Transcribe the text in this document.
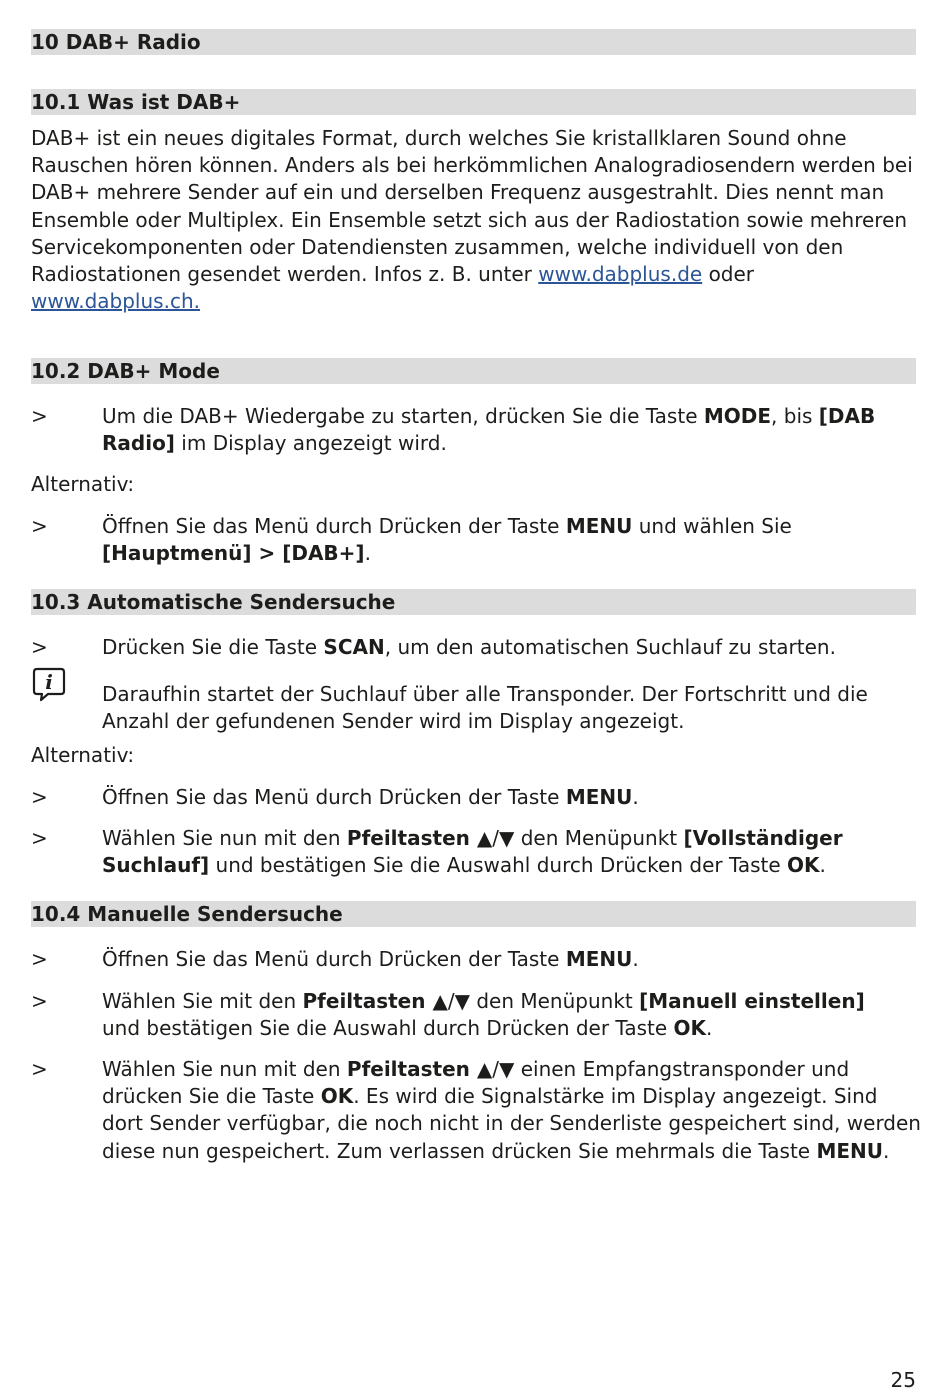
10 DAB+ Radio
10.1 Was ist DAB+

DAB+ ist ein neues digitales Format, durch welches Sie kristallklaren Sound ohne Rauschen hören können. Anders als bei herkömmlichen Analogradiosendern werden bei DAB+ mehrere Sender auf ein und derselben Frequenz ausgestrahlt. Dies nennt man Ensemble oder Multiplex. Ein Ensemble setzt sich aus der Radiostation sowie mehreren Servicekomponenten oder Datendiensten zusammen, welche individuell von den Radiostationen gesendet werden. Infos z. B. unter www.dabplus.de oder
www.dabplus.ch.

10.2 DAB+ Mode
>	Um die DAB+ Wiedergabe zu starten, drücken Sie die Taste MODE, bis [DAB Radio] im Display angezeigt wird.
Alternativ:
>	Öffnen Sie das Menü durch Drücken der Taste MENU und wählen Sie
[Hauptmenü] > [DAB+].
10.3 Automatische Sendersuche
>	Drücken Sie die Taste SCAN, um den automatischen Suchlauf zu starten.
i Daraufhin startet der Suchlauf über alle Transponder. Der Fortschritt und die Anzahl der gefundenen Sender wird im Display angezeigt.
Alternativ:
>	Öffnen Sie das Menü durch Drücken der Taste MENU.
>	Wählen Sie nun mit den Pfeiltasten ▲/▼ den Menüpunkt [Vollständiger Suchlauf] und bestätigen Sie die Auswahl durch Drücken der Taste OK.
10.4 Manuelle Sendersuche
>	Öffnen Sie das Menü durch Drücken der Taste MENU.
>	Wählen Sie mit den Pfeiltasten ▲/▼ den Menüpunkt [Manuell einstellen]
und bestätigen Sie die Auswahl durch Drücken der Taste OK.
>	Wählen Sie nun mit den Pfeiltasten ▲/▼ einen Empfangstransponder und drücken Sie die Taste OK. Es wird die Signalstärke im Display angezeigt. Sind dort Sender verfügbar, die noch nicht in der Senderliste gespeichert sind, werden diese nun gespeichert. Zum verlassen drücken Sie mehrmals die Taste MENU.
25
